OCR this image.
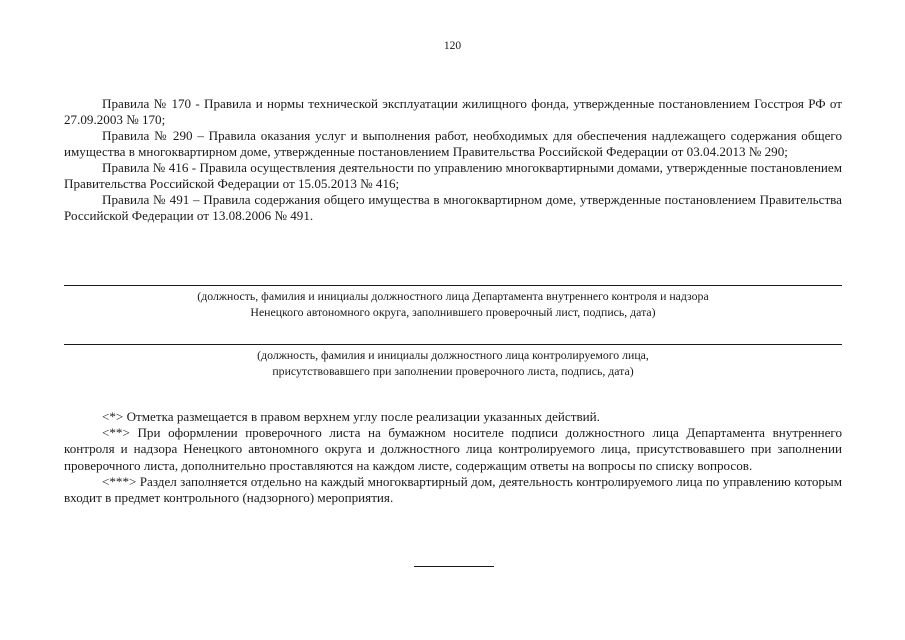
120

Правила № 170 - Правила и нормы технической эксплуатации жилищного фонда, утвержденные постановлением Госстроя РФ от 27.09.2003 № 170;

Правила № 290 – Правила оказания услуг и выполнения работ, необходимых для обеспечения надлежащего содержания общего имущества в многоквартирном доме, утвержденные постановлением Правительства Российской Федерации от 03.04.2013 № 290;

Правила № 416 - Правила осуществления деятельности по управлению многоквартирными домами, утвержденные постановлением Правительства Российской Федерации от 15.05.2013 № 416;

Правила № 491 – Правила содержания общего имущества в многоквартирном доме, утвержденные постановлением Правительства Российской Федерации от 13.08.2006 № 491.

(должность, фамилия и инициалы должностного лица Департамента внутреннего контроля и надзора
Ненецкого автономного округа, заполнившего проверочный лист, подпись, дата)
(должность, фамилия и инициалы должностного лица контролируемого лица,
присутствовавшего при заполнении проверочного листа, подпись, дата)

<*> Отметка размещается в правом верхнем углу после реализации указанных действий.

<**> При оформлении проверочного листа на бумажном носителе подписи должностного лица Департамента внутреннего контроля и надзора Ненецкого автономного округа и должностного лица контролируемого лица, присутствовавшего при заполнении проверочного листа, дополнительно проставляются на каждом листе, содержащим ответы на вопросы по списку вопросов.

<***> Раздел заполняется отдельно на каждый многоквартирный дом, деятельность контролируемого лица по управлению которым входит в предмет контрольного (надзорного) мероприятия.
